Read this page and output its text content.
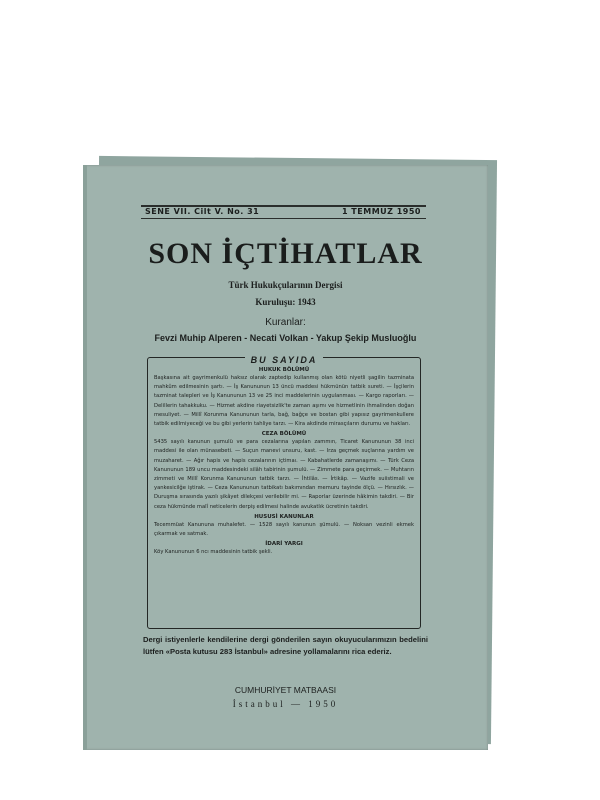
SENE VII. Cilt V. No. 31	1 TEMMUZ 1950
SON İÇTİHATLAR
Türk Hukukçularının Dergisi
Kuruluşu: 1943
Kuranlar:
Fevzi Muhip Alperen - Necati Volkan - Yakup Şekip Musluoğlu
BU SAYIDA
HUKUK BÖLÜMÜ
Başkasına ait gayrimenkulü haksız olarak zaptedip kullanmış olan kötü niyetli şagilin tazminata mahkûm edilmesinin şartı. — İş Kanununun 13 üncü maddesi hükmünün tatbik sureti. — İşçilerin tazminat talepleri ve İş Kanununun 13 ve 25 inci maddelerinin uygulanması. — Kargo raporları. — Delillerin tahakkuku. — Hizmet akdine riayetsizlik'te zaman aşımı ve hizmetlinin ihmalinden doğan mesuliyet. — Millî Korunma Kanununun tarla, bağ, bağçe ve bostan gibi yapısız gayrimenkullere tatbik edilmiyeceği ve bu gibi yerlerin tahliye tarzı. — Kira akdinde mirasçıların durumu ve hakları.
CEZA BÖLÜMÜ
5435 sayılı kanunun şumulü ve para cezalarına yapılan zammın, Ticaret Kanununun 38 inci maddesi ile olan münasebeti. — Suçun manevi unsuru, kast. — Irza geçmek suçlarına yardım ve muzaharet. — Ağır hapis ve hapis cezalarının içtimaı. — Kabahatlerde zamanaşımı. — Türk Ceza Kanununun 189 uncu maddesindeki silâh tabirinin şumulü. — Zimmete para geçirmek. — Muhtarın zimmeti ve Millî Korunma Kanununun tatbik tarzı. — İhtilâs. — İrtikâp. — Vazife suiistimali ve yankesicilğe iştirak. — Ceza Kanununun tatbikatı bakımından memuru tayinde ölçü. — Hırsızlık. — Duruşma sırasında yazılı şikâyet dilekçesi verilebilir mi. — Raporlar üzerinde hâkimin takdiri. — Bir ceza hükmünde malî neticelerin derpiş edilmesi halinde avukatlık ücretinin takdiri.
HUSUSİ KANUNLAR
Tecemmüat Kanununa muhalefet. — 1528 sayılı kanunun şümulü. — Noksan vezinli ekmek çıkarmak ve satmak.
İDARİ YARGI
Köy Kanununun 6 ncı maddesinin tatbik şekli.
Dergi istiyenlerle kendilerine dergi gönderilen sayın okuyucularımızın bedelini lütfen «Posta kutusu 283 İstanbul» adresine yollamalarını rica ederiz.
CUMHURİYET MATBAASI
İstanbul — 1950
